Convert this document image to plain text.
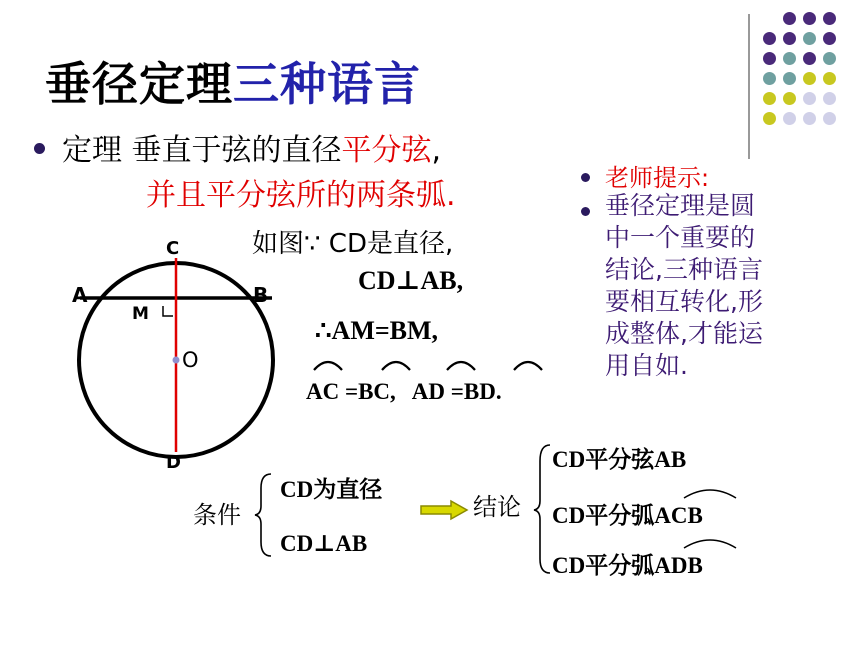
垂径定理三种语言
定理 垂直于弦的直径平分弦,
并且平分弦所的两条弧.
如图∵ CD是直径,
CD⊥AB,
∴AM=BM,
AC =BC, AD =BD.
老师提示:
垂径定理是圆
中一个重要的
结论,三种语言
要相互转化,形
成整体,才能运
用自如.
C
A	B
M
O
D
条件
CD为直径
CD⊥AB
结论
CD平分弦AB
CD平分弧ACB
CD平分弧ADB
